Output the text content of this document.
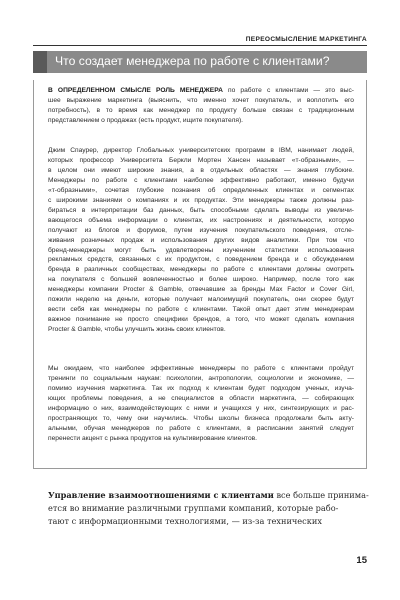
ПЕРЕОСМЫСЛЕНИЕ МАРКЕТИНГА
Что создает менеджера по работе с клиентами?
В ОПРЕДЕЛЕННОМ СМЫСЛЕ РОЛЬ МЕНЕДЖЕРА по работе с клиентами — это выс-
шее выражение маркетинга (выяснить, что именно хочет покупатель, и воплотить его
потребность), в то время как менеджер по продукту больше связан с традиционным
представлением о продажах (есть продукт, ищите покупателя).
Джим Спаурер, директор Глобальных университетских программ в IBM, нанимает людей,
которых профессор Университета Беркли Мортен Хансен называет «т-образными», —
в целом они имеют широкие знания, а в отдельных областях — знания глубокие.
Менеджеры по работе с клиентами наиболее эффективно работают, именно будучи
«т-образными», сочетая глубокие познания об определенных клиентах и сегментах
с широкими знаниями о компаниях и их продуктах. Эти менеджеры также должны раз-
бираться в интерпретации баз данных, быть способными сделать выводы из увеличи-
вающегося объема информации о клиентах, их настроениях и деятельности, которую
получают из блогов и форумов, путем изучения покупательского поведения, отсле-
живания розничных продаж и использования других видов аналитики. При том что
бренд-менеджеры могут быть удовлетворены изучением статистики использования
рекламных средств, связанных с их продуктом, с поведением бренда и с обсуждением
бренда в различных сообществах, менеджеры по работе с клиентами должны смотреть
на покупателя с большей вовлеченностью и более широко. Например, после того как
менеджеры компании Procter & Gamble, отвечавшие за бренды Max Factor и Cover Girl,
пожили неделю на деньги, которые получает малоимущий покупатель, они скорее будут
вести себя как менеджеры по работе с клиентами. Такой опыт дает этим менеджерам
важное понимание не просто специфики брендов, а того, что может сделать компания
Procter & Gamble, чтобы улучшить жизнь своих клиентов.
Мы ожидаем, что наиболее эффективные менеджеры по работе с клиентами пройдут
тренинги по социальным наукам: психологии, антропологии, социологии и экономике, —
помимо изучения маркетинга. Так их подход к клиентам будет подходом ученых, изуча-
ющих проблемы поведения, а не специалистов в области маркетинга, — собирающих
информацию о них, взаимодействующих с ними и учащихся у них, синтезирующих и рас-
пространяющих то, чему они научились. Чтобы школы бизнеса продолжали быть акту-
альными, обучая менеджеров по работе с клиентами, в расписании занятий следует
перенести акцент с рынка продуктов на культивирование клиентов.
Управление взаимоотношениями с клиентами все больше принима-
ется во внимание различными группами компаний, которые рабо-
тают с информационными технологиями, — из-за технических
15
